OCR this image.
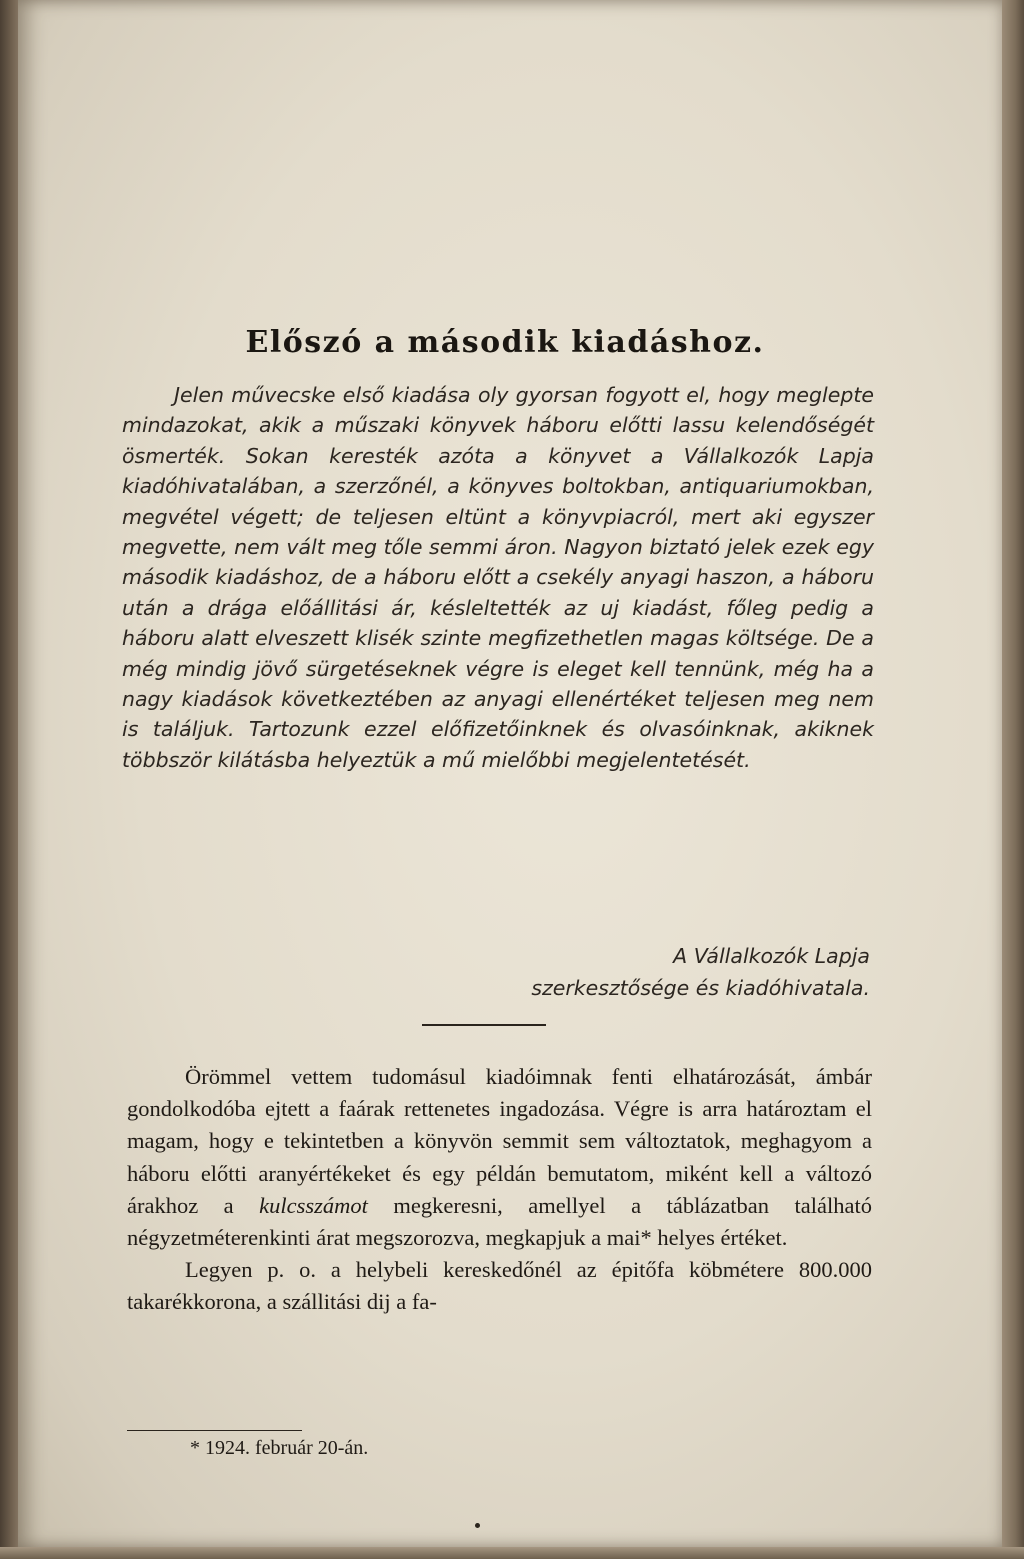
Előszó a második kiadáshoz.

Jelen művecske első kiadása oly gyorsan fogyott el, hogy meglepte mindazokat, akik a műszaki könyvek háboru előtti lassu kelendőségét ösmerték. Sokan keresték azóta a könyvet a Vállalkozók Lapja kiadóhivatalában, a szerzőnél, a könyves boltokban, antiquariumokban, megvétel végett; de teljesen eltünt a könyvpiacról, mert aki egyszer megvette, nem vált meg tőle semmi áron. Nagyon biztató jelek ezek egy második kiadáshoz, de a háboru előtt a csekély anyagi haszon, a háboru után a drága előállitási ár, késleltették az uj kiadást, főleg pedig a háboru alatt elveszett klisék szinte megfizethetlen magas költsége. De a még mindig jövő sürgetéseknek végre is eleget kell tennünk, még ha a nagy kiadások következtében az anyagi ellenértéket teljesen meg nem is találjuk. Tartozunk ezzel előfizetőinknek és olvasóinknak, akiknek többször kilátásba helyeztük a mű mielőbbi megjelentetését.

A Vállalkozók Lapja
szerkesztősége és kiadóhivatala.

Örömmel vettem tudomásul kiadóimnak fenti elhatározását, ámbár gondolkodóba ejtett a faárak rettenetes ingadozása. Végre is arra határoztam el magam, hogy e tekintetben a könyvön semmit sem változtatok, meghagyom a háboru előtti aranyértékeket és egy példán bemutatom, miként kell a változó árakhoz a kulcsszámot megkeresni, amellyel a táblázatban található négyzetméterenkinti árat megszorozva, megkapjuk a mai* helyes értéket.

Legyen p. o. a helybeli kereskedőnél az épitőfa köbmétere 800.000 takarékkorona, a szállitási dij a fa-

* 1924. február 20-án.
